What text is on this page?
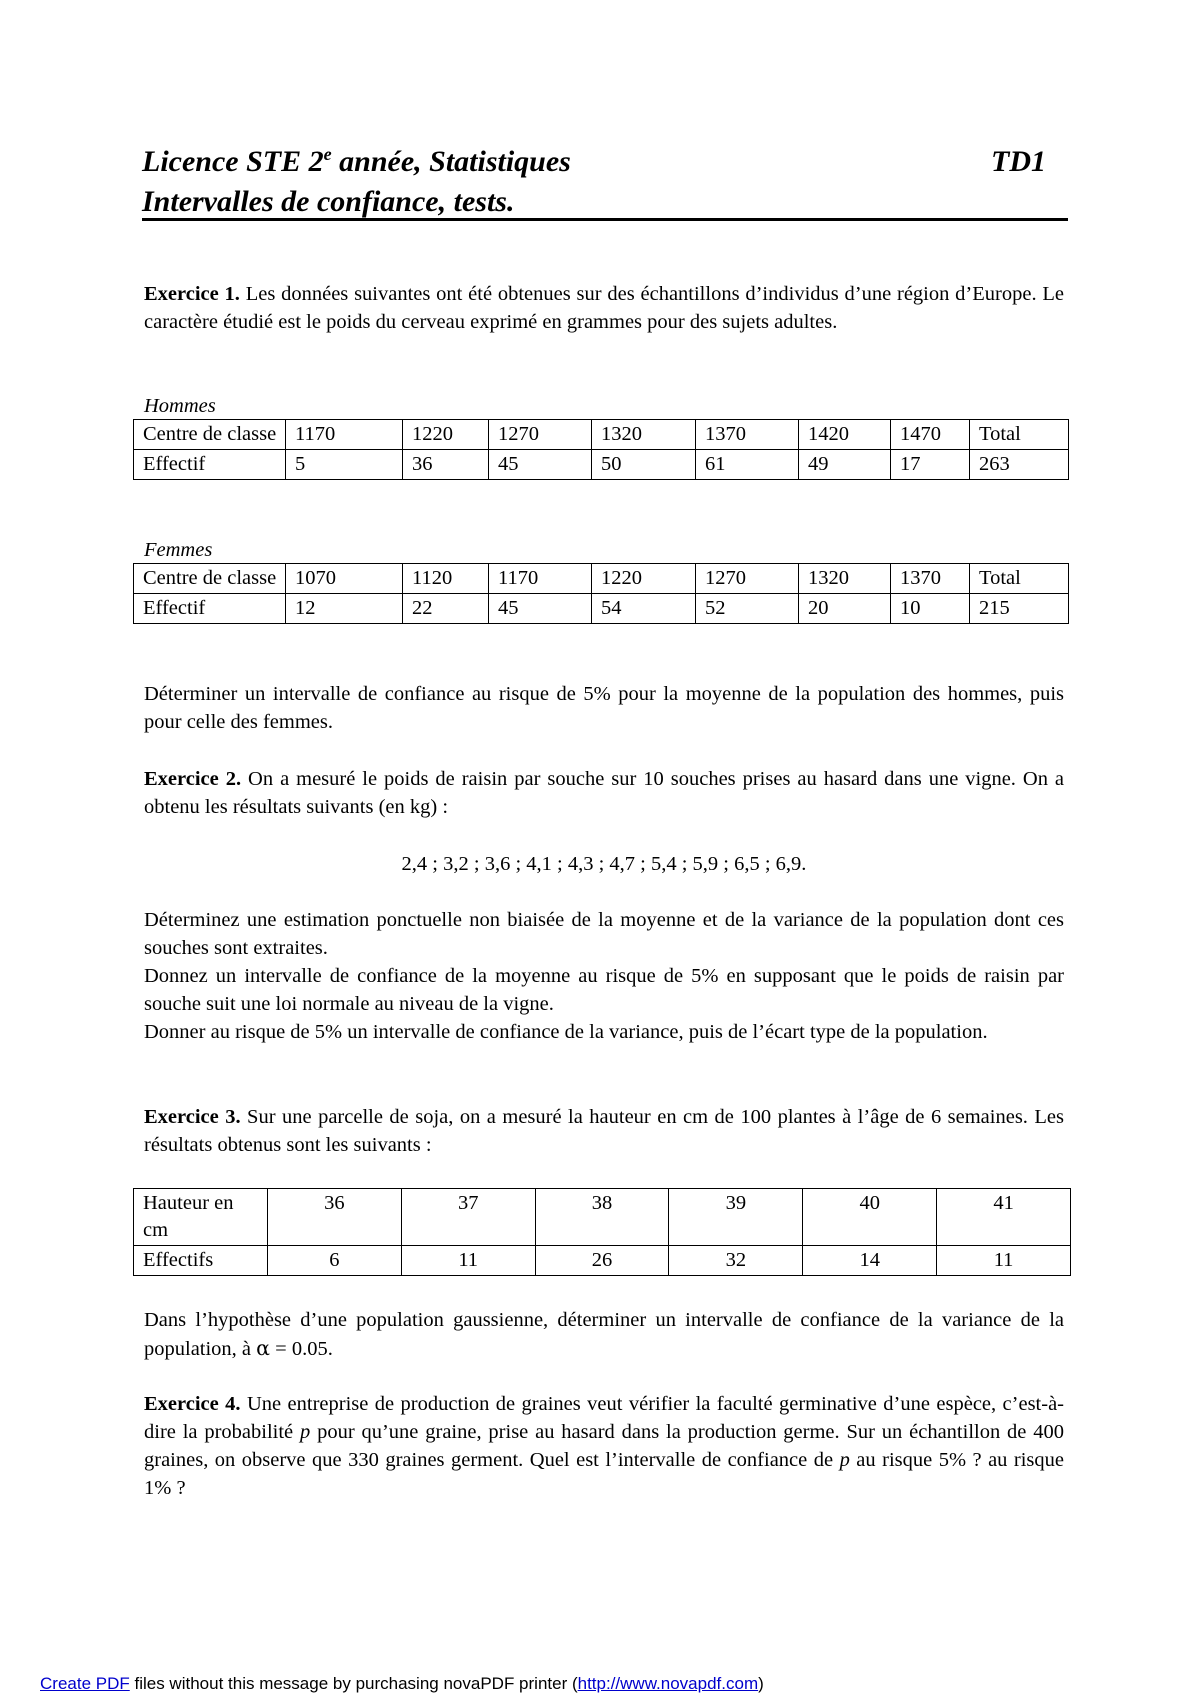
Licence STE 2e année, Statistiques	TD1
Intervalles de confiance, tests.

Exercice 1. Les données suivantes ont été obtenues sur des échantillons d’individus d’une région d’Europe. Le caractère étudié est le poids du cerveau exprimé en grammes pour des sujets adultes.

Hommes
Centre de classe	1170	1220	1270	1320	1370	1420	1470	Total
Effectif	5	36	45	50	61	49	17	263
Femmes
Centre de classe	1070	1120	1170	1220	1270	1320	1370	Total
Effectif	12	22	45	54	52	20	10	215

Déterminer un intervalle de confiance au risque de 5% pour la moyenne de la population des hommes, puis pour celle des femmes.

Exercice 2. On a mesuré le poids de raisin par souche sur 10 souches prises au hasard dans une vigne. On a obtenu les résultats suivants (en kg) :

2,4 ; 3,2 ; 3,6 ; 4,1 ; 4,3 ; 4,7 ; 5,4 ; 5,9 ; 6,5 ; 6,9.

Déterminez une estimation ponctuelle non biaisée de la moyenne et de la variance de la population dont ces souches sont extraites.

Donnez un intervalle de confiance de la moyenne au risque de 5% en supposant que le poids de raisin par souche suit une loi normale au niveau de la vigne.

Donner au risque de 5% un intervalle de confiance de la variance, puis de l’écart type de la population.

Exercice 3. Sur une parcelle de soja, on a mesuré la hauteur en cm de 100 plantes à l’âge de 6 semaines. Les résultats obtenus sont les suivants :

Hauteur en cm	36	37	38	39	40	41
Effectifs	6	11	26	32	14	11

Dans l’hypothèse d’une population gaussienne, déterminer un intervalle de confiance de la variance de la population, à α = 0.05.

Exercice 4. Une entreprise de production de graines veut vérifier la faculté germinative d’une espèce, c’est-à-dire la probabilité p pour qu’une graine, prise au hasard dans la production germe. Sur un échantillon de 400 graines, on observe que 330 graines germent. Quel est l’intervalle de confiance de p au risque 5% ? au risque 1% ?

Create PDF files without this message by purchasing novaPDF printer (http://www.novapdf.com)
